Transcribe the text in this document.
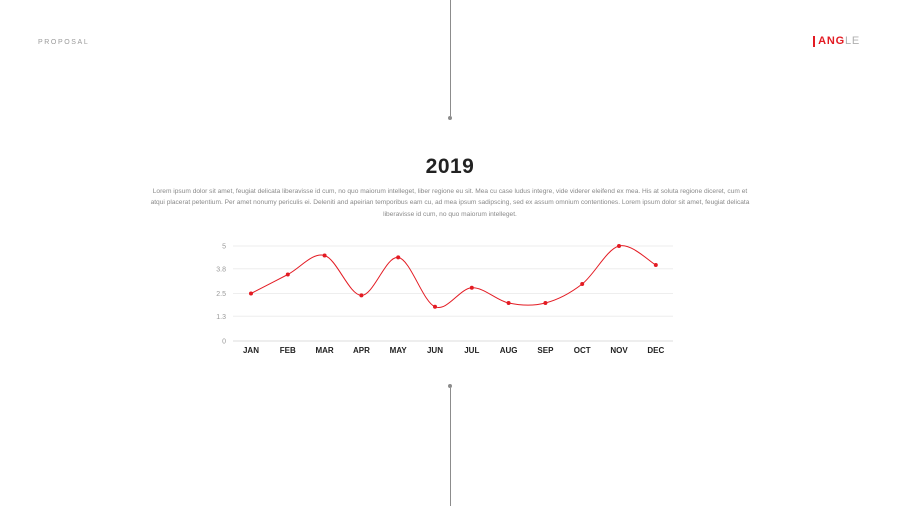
PROPOSAL	ANG LE
2019
Lorem ipsum dolor sit amet, feugiat delicata liberavisse id cum, no quo maiorum intelleget, liber regione eu sit. Mea cu case ludus integre, vide viderer eleifend ex mea. His at soluta regione diceret, cum et atqui placerat petentium. Per amet nonumy periculis ei. Deleniti and apeirian temporibus eam cu, ad mea ipsum sadipscing, sed ex assum omnium contentiones. Lorem ipsum dolor sit amet, feugiat delicata liberavisse id cum, no quo maiorum intelleget.
0
1.3
2.5
3.8
5
JAN	FEB MAR APR MAY	JUN	JUL	AUG SEP	OCT NOV DEC
